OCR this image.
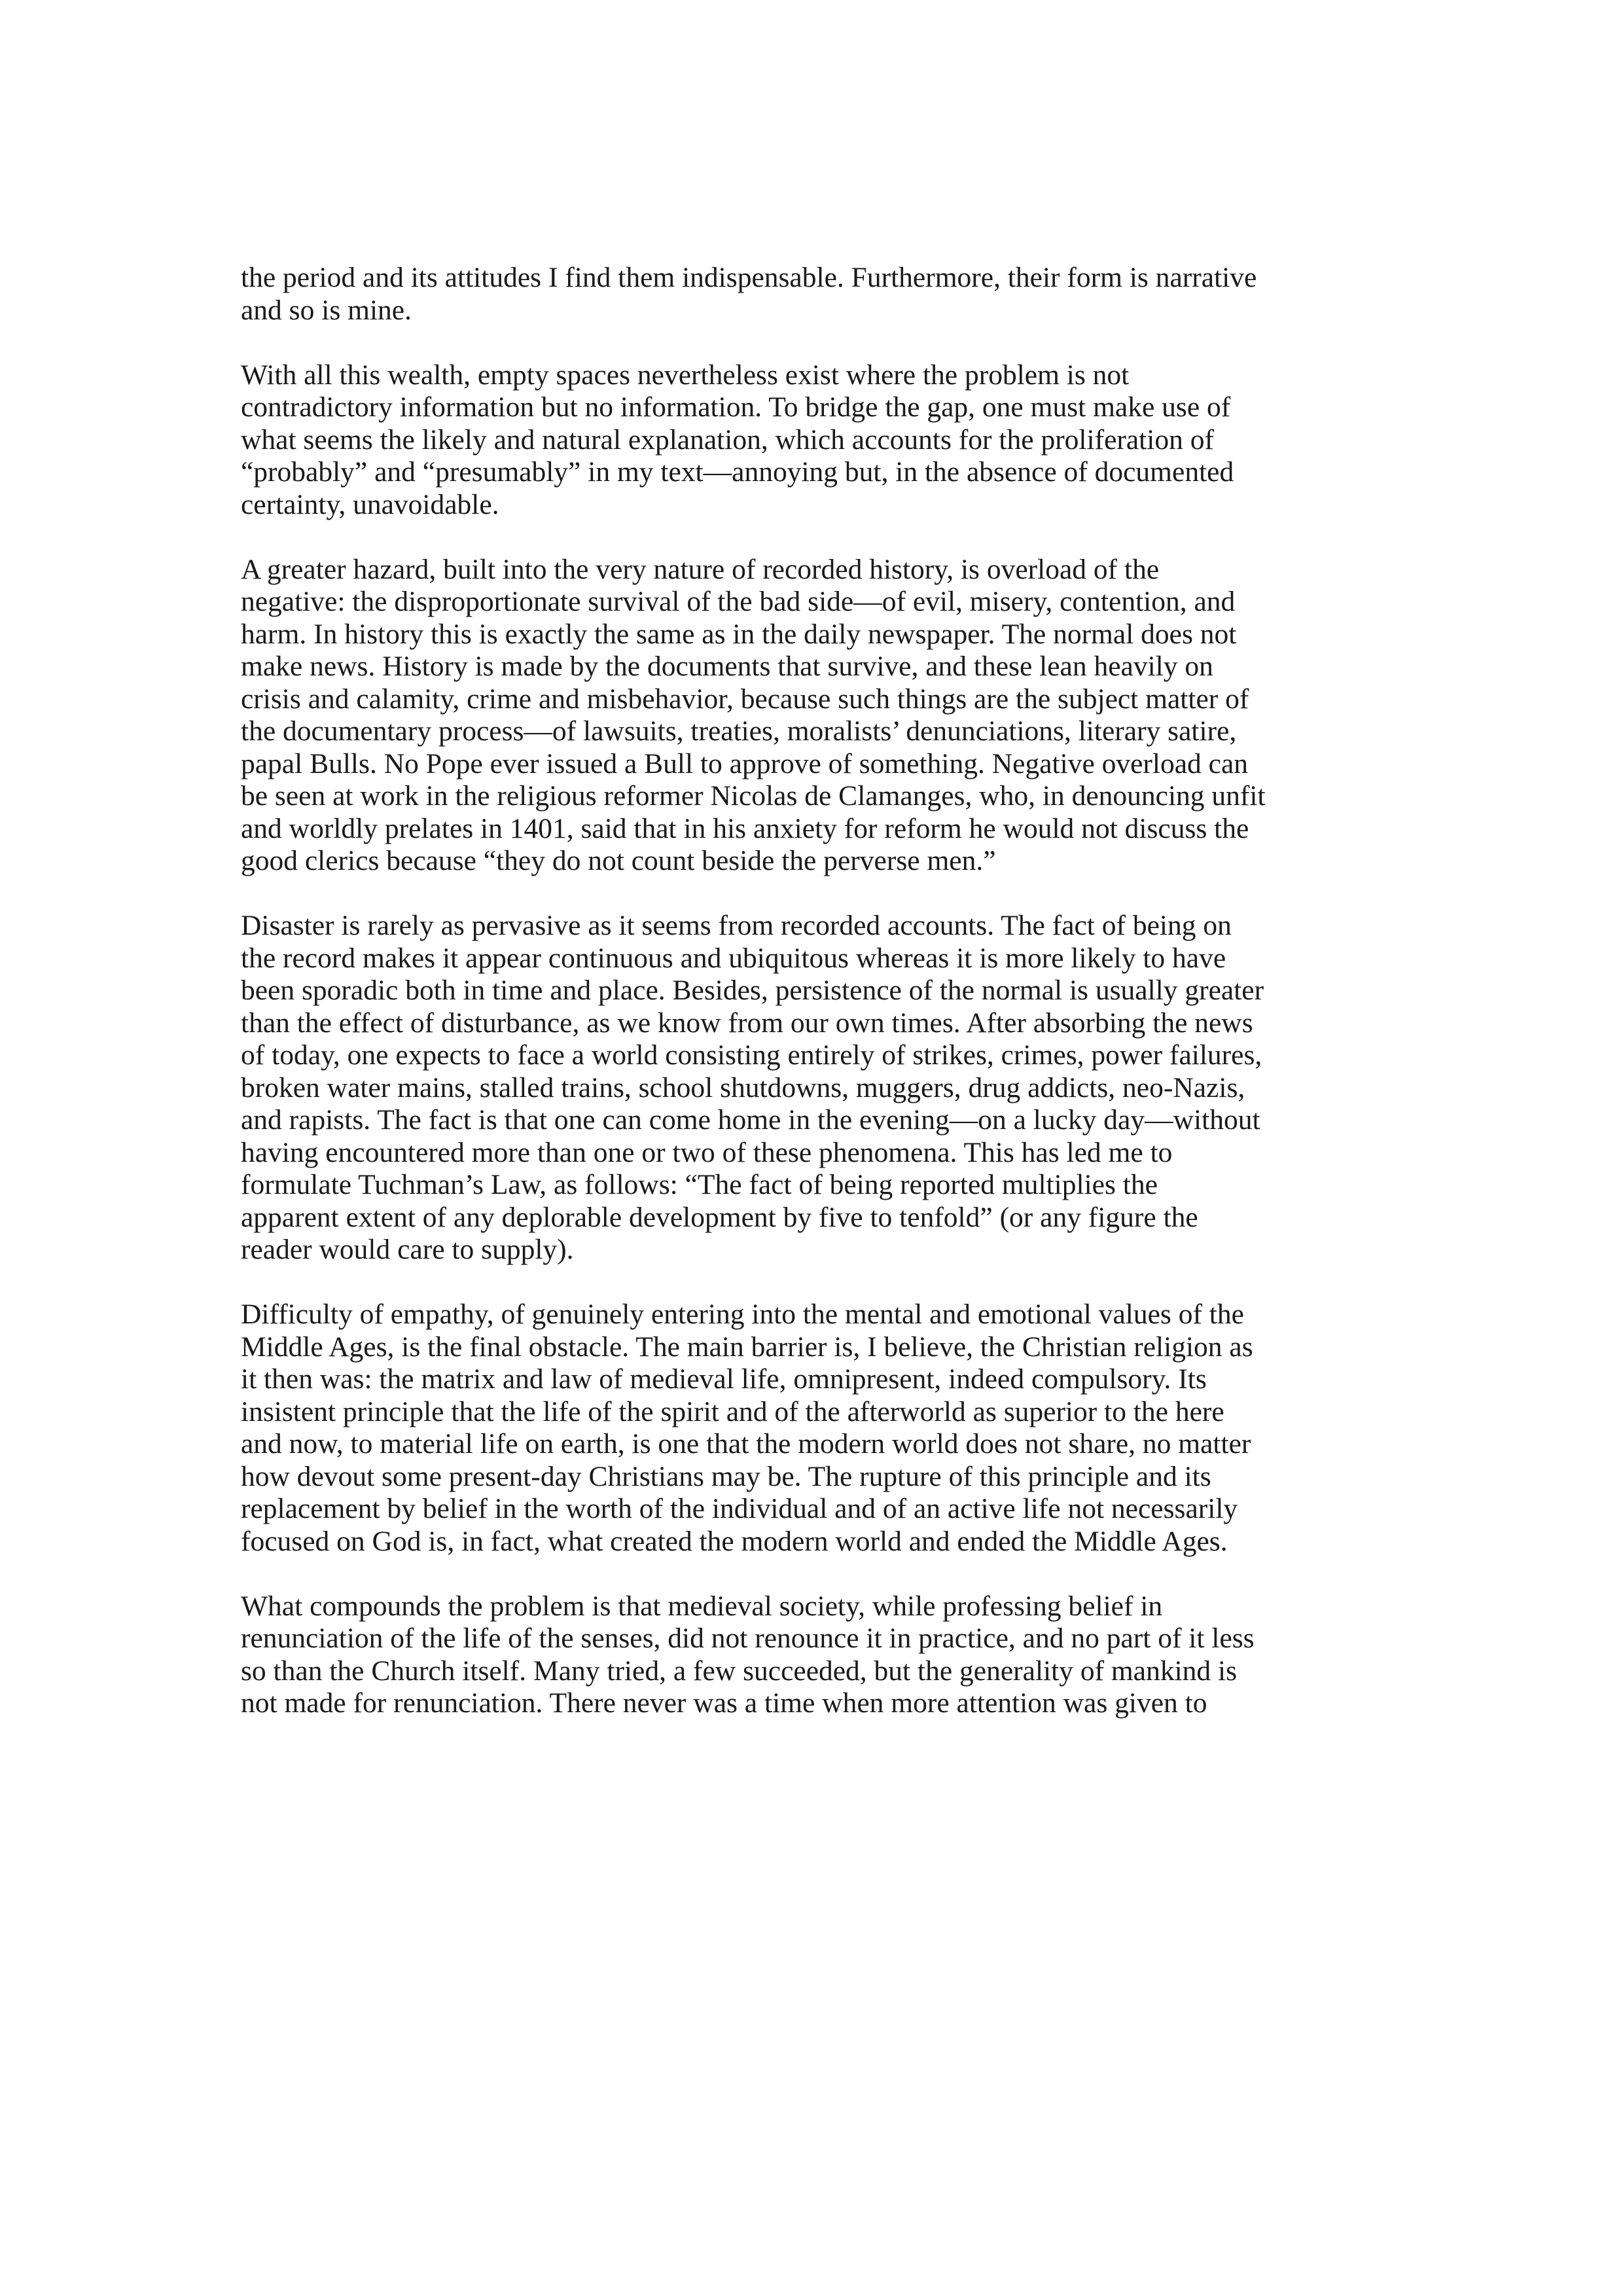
the period and its attitudes I find them indispensable. Furthermore, their form is narrative
and so is mine.

With all this wealth, empty spaces nevertheless exist where the problem is not
contradictory information but no information. To bridge the gap, one must make use of
what seems the likely and natural explanation, which accounts for the proliferation of
“probably” and “presumably” in my text—annoying but, in the absence of documented
certainty, unavoidable.

A greater hazard, built into the very nature of recorded history, is overload of the
negative: the disproportionate survival of the bad side—of evil, misery, contention, and
harm. In history this is exactly the same as in the daily newspaper. The normal does not
make news. History is made by the documents that survive, and these lean heavily on
crisis and calamity, crime and misbehavior, because such things are the subject matter of
the documentary process—of lawsuits, treaties, moralists’ denunciations, literary satire,
papal Bulls. No Pope ever issued a Bull to approve of something. Negative overload can
be seen at work in the religious reformer Nicolas de Clamanges, who, in denouncing unfit
and worldly prelates in 1401, said that in his anxiety for reform he would not discuss the
good clerics because “they do not count beside the perverse men.”

Disaster is rarely as pervasive as it seems from recorded accounts. The fact of being on
the record makes it appear continuous and ubiquitous whereas it is more likely to have
been sporadic both in time and place. Besides, persistence of the normal is usually greater
than the effect of disturbance, as we know from our own times. After absorbing the news
of today, one expects to face a world consisting entirely of strikes, crimes, power failures,
broken water mains, stalled trains, school shutdowns, muggers, drug addicts, neo-Nazis,
and rapists. The fact is that one can come home in the evening—on a lucky day—without
having encountered more than one or two of these phenomena. This has led me to
formulate Tuchman’s Law, as follows: “The fact of being reported multiplies the
apparent extent of any deplorable development by five to tenfold” (or any figure the
reader would care to supply).

Difficulty of empathy, of genuinely entering into the mental and emotional values of the
Middle Ages, is the final obstacle. The main barrier is, I believe, the Christian religion as
it then was: the matrix and law of medieval life, omnipresent, indeed compulsory. Its
insistent principle that the life of the spirit and of the afterworld as superior to the here
and now, to material life on earth, is one that the modern world does not share, no matter
how devout some present-day Christians may be. The rupture of this principle and its
replacement by belief in the worth of the individual and of an active life not necessarily
focused on God is, in fact, what created the modern world and ended the Middle Ages.

What compounds the problem is that medieval society, while professing belief in
renunciation of the life of the senses, did not renounce it in practice, and no part of it less
so than the Church itself. Many tried, a few succeeded, but the generality of mankind is
not made for renunciation. There never was a time when more attention was given to
